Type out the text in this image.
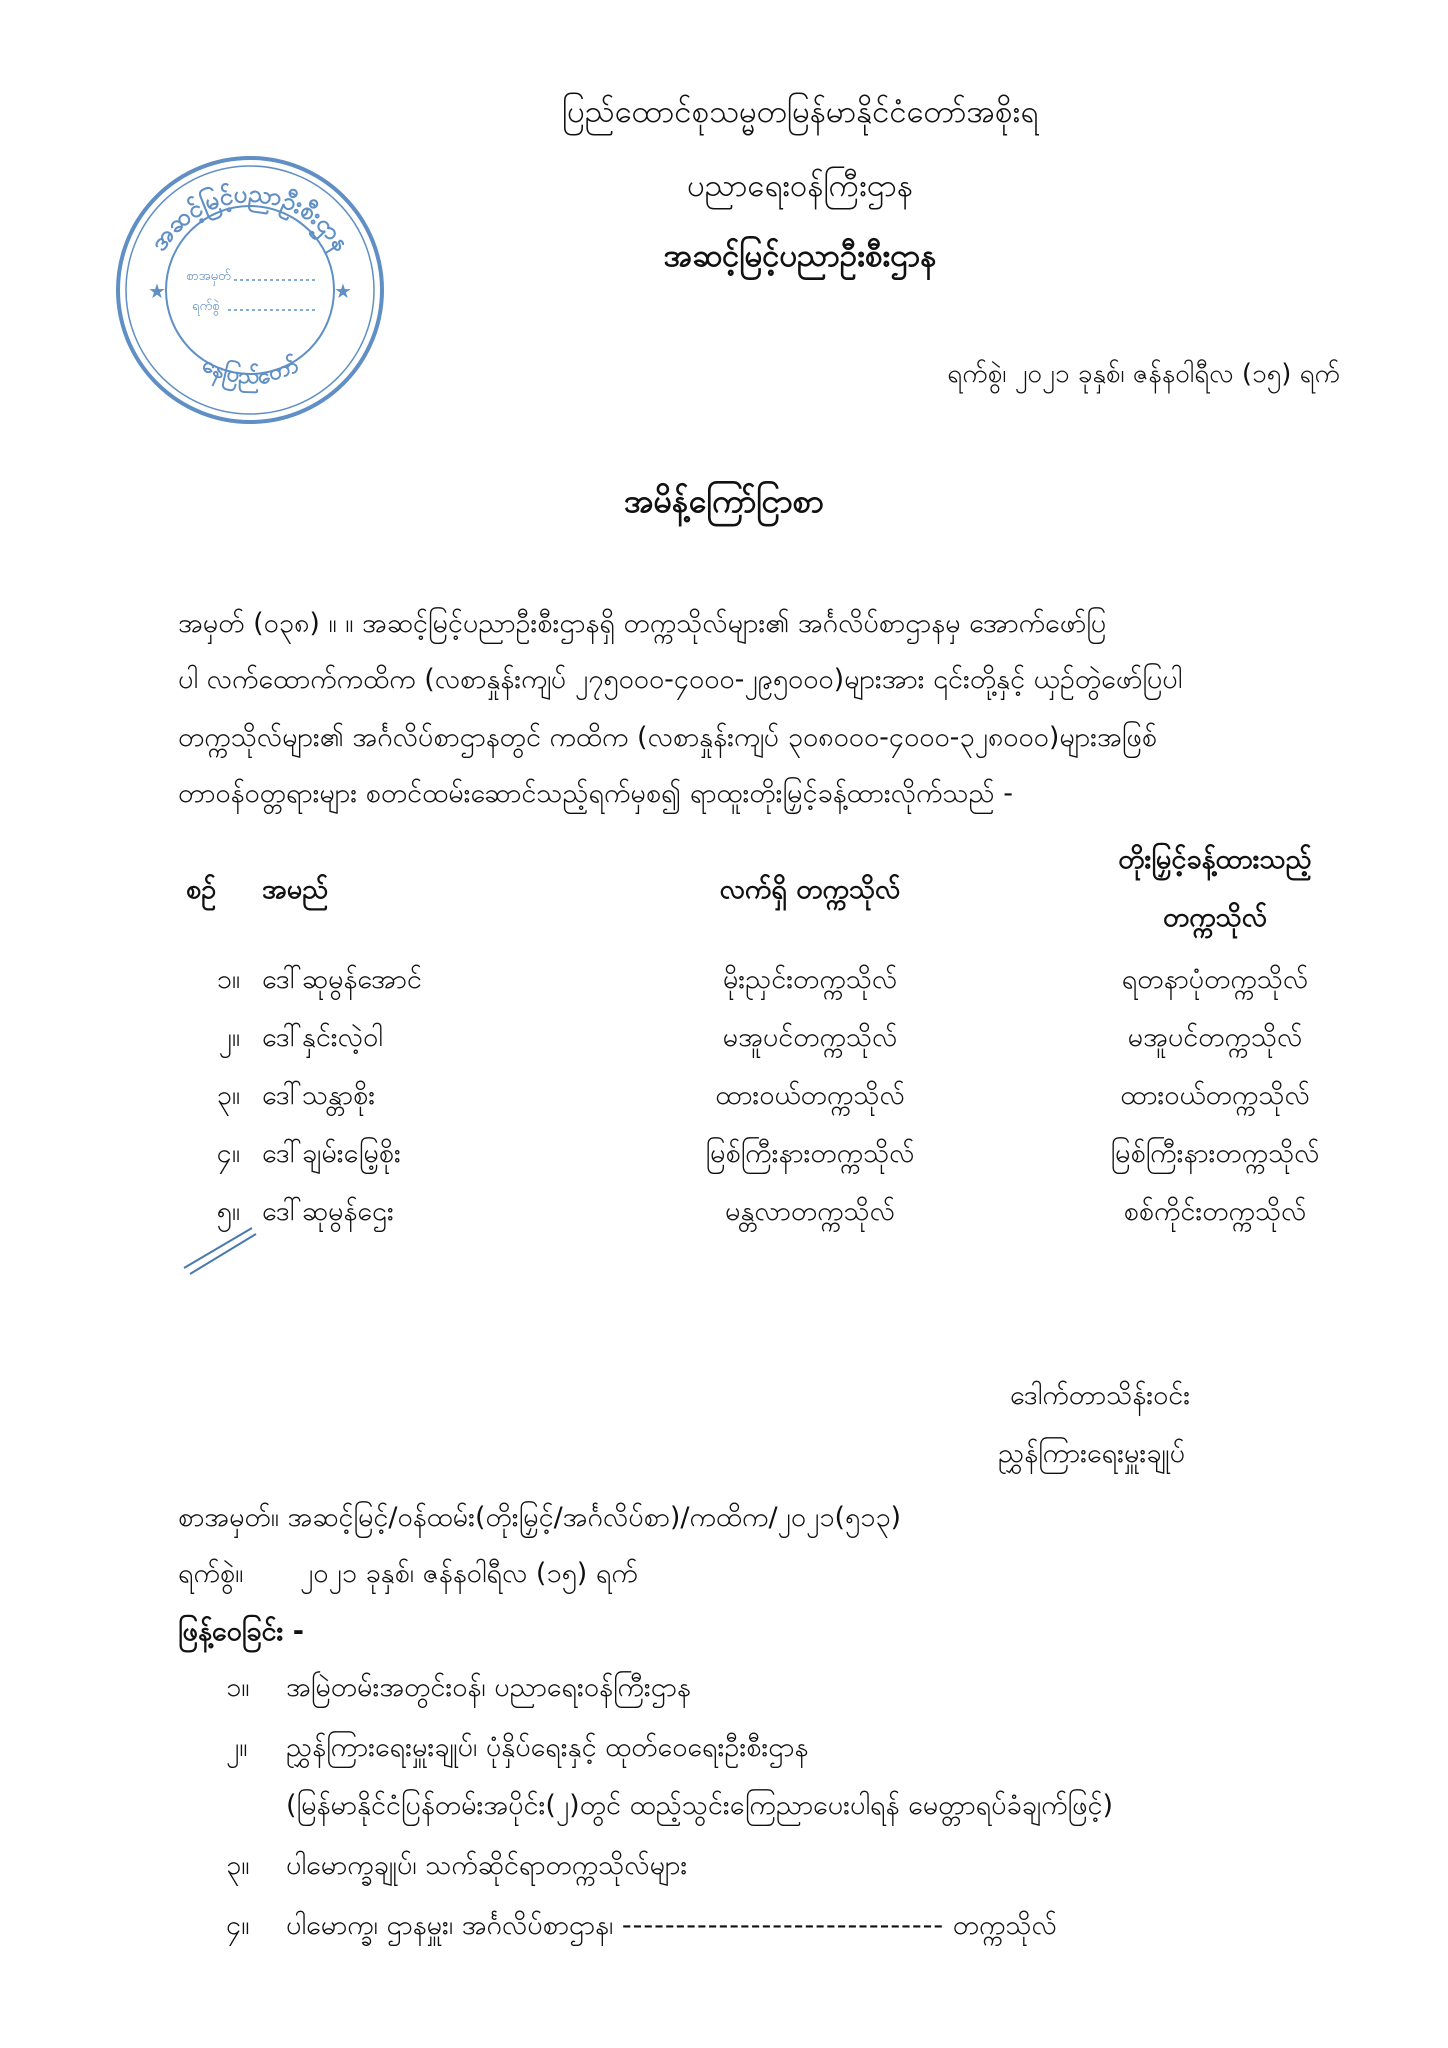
အဆင့်မြင့်ပညာဦးစီးဌာန
နေပြည်တော်
စာအမှတ်
ရက်စွဲ
★	★
ပြည်ထောင်စုသမ္မတမြန်မာနိုင်ငံတော်အစိုးရ
ပညာရေးဝန်ကြီးဌာန
အဆင့်မြင့်ပညာဦးစီးဌာန
ရက်စွဲ၊ ၂၀၂၁ ခုနှစ်၊ ဇန်နဝါရီလ (၁၅) ရက်
အမိန့်ကြော်ငြာစာ
အမှတ် (၀၃၈) ။ ။ အဆင့်မြင့်ပညာဦးစီးဌာနရှိ တက္ကသိုလ်များ၏ အင်္ဂလိပ်စာဌာနမှ အောက်ဖော်ပြ
ပါ လက်ထောက်ကထိက (လစာနှုန်းကျပ် ၂၇၅၀၀၀-၄၀၀၀-၂၉၅၀၀၀)များအား ၎င်းတို့နှင့် ယှဉ်တွဲဖော်ပြပါ
တက္ကသိုလ်များ၏ အင်္ဂလိပ်စာဌာနတွင် ကထိက (လစာနှုန်းကျပ် ၃၀၈၀၀၀-၄၀၀၀-၃၂၈၀၀၀)များအဖြစ်
တာဝန်ဝတ္တရားများ စတင်ထမ်းဆောင်သည့်ရက်မှစ၍ ရာထူးတိုးမြှင့်ခန့်ထားလိုက်သည် -
စဉ် အမည်	လက်ရှိ တက္ကသိုလ်
တိုးမြှင့်ခန့်ထားသည့်
တက္ကသိုလ်
၁။ ဒေါ်ဆုမွန်အောင်	မိုးညှင်းတက္ကသိုလ်	ရတနာပုံတက္ကသိုလ်
၂။ ဒေါ်နှင်းလဲ့ဝါ	မအူပင်တက္ကသိုလ်	မအူပင်တက္ကသိုလ်
၃။ ဒေါ်သန္တာစိုး	ထားဝယ်တက္ကသိုလ်	ထားဝယ်တက္ကသိုလ်
၄။ ဒေါ်ချမ်းမြေ့စိုး	မြစ်ကြီးနားတက္ကသိုလ်	မြစ်ကြီးနားတက္ကသိုလ်
၅။ ဒေါ်ဆုမွန်ဌေး	မန္တလာတက္ကသိုလ်	စစ်ကိုင်းတက္ကသိုလ်
ဒေါက်တာသိန်းဝင်း
ညွှန်ကြားရေးမှူးချုပ်
စာအမှတ်။ အဆင့်မြင့်/ဝန်ထမ်း(တိုးမြှင့်/အင်္ဂလိပ်စာ)/ကထိက/၂၀၂၁(၅၁၃)
ရက်စွဲ။ ၂၀၂၁ ခုနှစ်၊ ဇန်နဝါရီလ (၁၅) ရက်
ဖြန့်ဝေခြင်း -
၁။ အမြဲတမ်းအတွင်းဝန်၊ ပညာရေးဝန်ကြီးဌာန
၂။ ညွှန်ကြားရေးမှူးချုပ်၊ ပုံနှိပ်ရေးနှင့် ထုတ်ဝေရေးဦးစီးဌာန
(မြန်မာနိုင်ငံပြန်တမ်းအပိုင်း(၂)တွင် ထည့်သွင်းကြေညာပေးပါရန် မေတ္တာရပ်ခံချက်ဖြင့်)
၃။ ပါမောက္ခချုပ်၊ သက်ဆိုင်ရာတက္ကသိုလ်များ
၄။ ပါမောက္ခ၊ ဌာနမှူး၊ အင်္ဂလိပ်စာဌာန၊ ------------------------------ တက္ကသိုလ်
